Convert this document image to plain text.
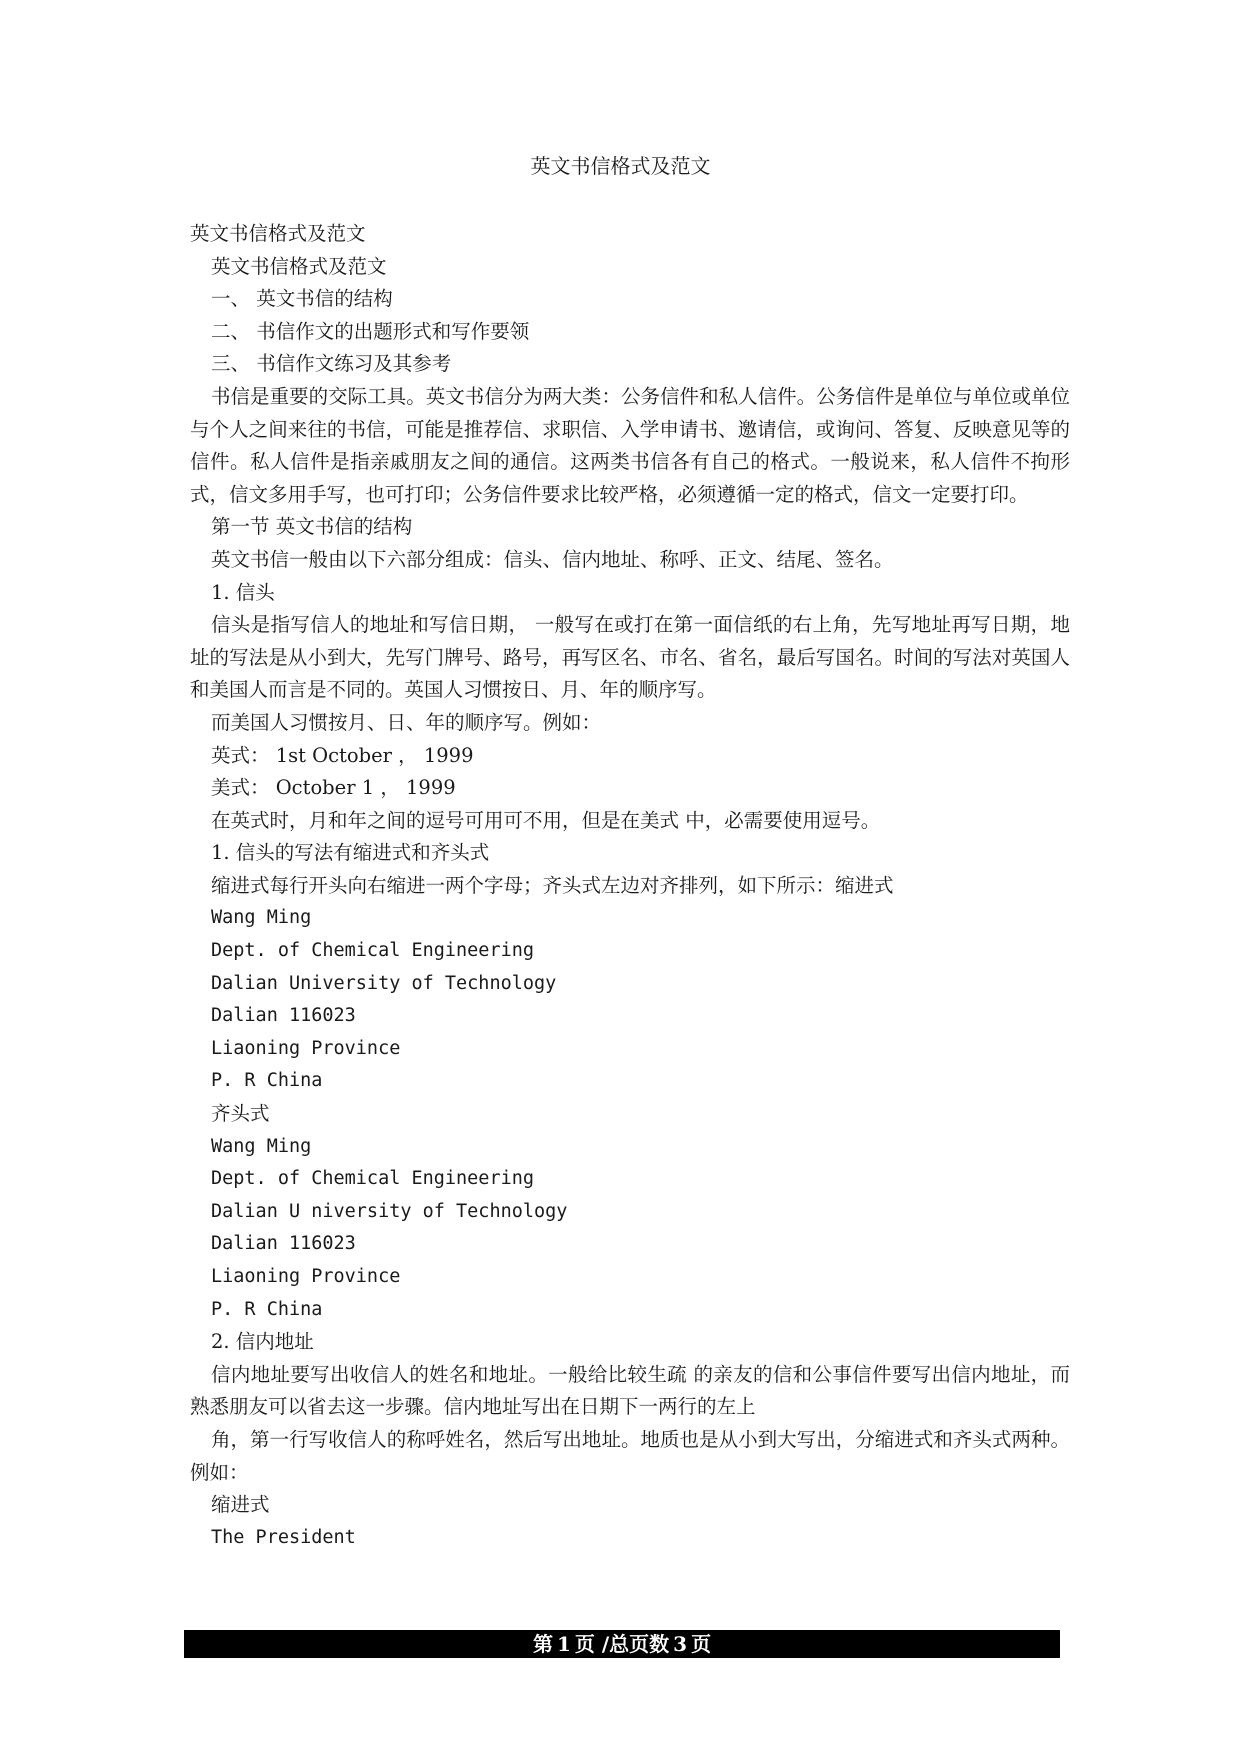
英文书信格式及范文
英文书信格式及范文
英文书信格式及范文
一、 英文书信的结构
二、 书信作文的出题形式和写作要领
三、 书信作文练习及其参考
书信是重要的交际工具。英文书信分为两大类：公务信件和私人信件。公务信件是单位与单位或单位与个人之间来往的书信，可能是推荐信、求职信、入学申请书、邀请信，或询问、答复、反映意见等的信件。私人信件是指亲戚朋友之间的通信。这两类书信各有自己的格式。一般说来，私人信件不拘形式，信文多用手写，也可打印；公务信件要求比较严格，必须遵循一定的格式，信文一定要打印。
第一节 英文书信的结构
英文书信一般由以下六部分组成：信头、信内地址、称呼、正文、结尾、签名。
1. 信头
信头是指写信人的地址和写信日期， 一般写在或打在第一面信纸的右上角，先写地址再写日期，地址的写法是从小到大，先写门牌号、路号，再写区名、市名、省名，最后写国名。时间的写法对英国人和美国人而言是不同的。英国人习惯按日、月、年的顺序写。
而美国人习惯按月、日、年的顺序写。例如：
英式： 1st October ， 1999
美式： October 1 ， 1999
在英式时，月和年之间的逗号可用可不用，但是在美式 中，必需要使用逗号。
1. 信头的写法有缩进式和齐头式
缩进式每行开头向右缩进一两个字母；齐头式左边对齐排列，如下所示：缩进式
Wang Ming
Dept. of Chemical Engineering
Dalian University of Technology
Dalian 116023
Liaoning Province
P. R China
齐头式
Wang Ming
Dept. of Chemical Engineering
Dalian U niversity of Technology
Dalian 116023
Liaoning Province
P. R China
2. 信内地址
信内地址要写出收信人的姓名和地址。一般给比较生疏 的亲友的信和公事信件要写出信内地址，而熟悉朋友可以省去这一步骤。信内地址写出在日期下一两行的左上
角，第一行写收信人的称呼姓名，然后写出地址。地质也是从小到大写出，分缩进式和齐头式两种。例如：
缩进式
The President
第 1 页 /总页数 3 页
